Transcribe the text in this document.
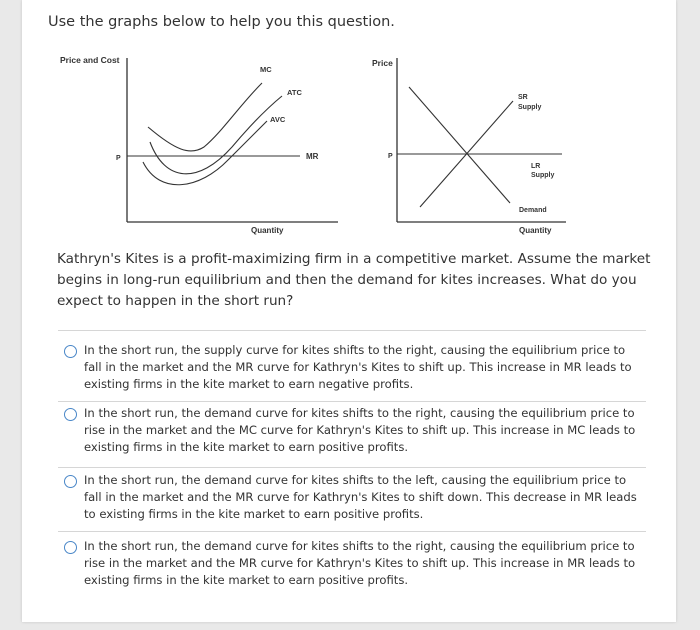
Use the graphs below to help you this question.
Price and Cost
Quantity
P	MR
MC
ATC
AVC
Price
Quantity
P
SR
Supply
LR
Supply
Demand
Kathryn's Kites is a profit-maximizing firm in a competitive market. Assume the market begins in long-run equilibrium and then the demand for kites increases. What do you expect to happen in the short run?
In the short run, the supply curve for kites shifts to the right, causing the equilibrium price to fall in the market and the MR curve for Kathryn's Kites to shift up. This increase in MR leads to existing firms in the kite market to earn negative profits.
In the short run, the demand curve for kites shifts to the right, causing the equilibrium price to rise in the market and the MC curve for Kathryn's Kites to shift up. This increase in MC leads to existing firms in the kite market to earn positive profits.
In the short run, the demand curve for kites shifts to the left, causing the equilibrium price to fall in the market and the MR curve for Kathryn's Kites to shift down. This decrease in MR leads to existing firms in the kite market to earn positive profits.
In the short run, the demand curve for kites shifts to the right, causing the equilibrium price to rise in the market and the MR curve for Kathryn's Kites to shift up. This increase in MR leads to existing firms in the kite market to earn positive profits.
